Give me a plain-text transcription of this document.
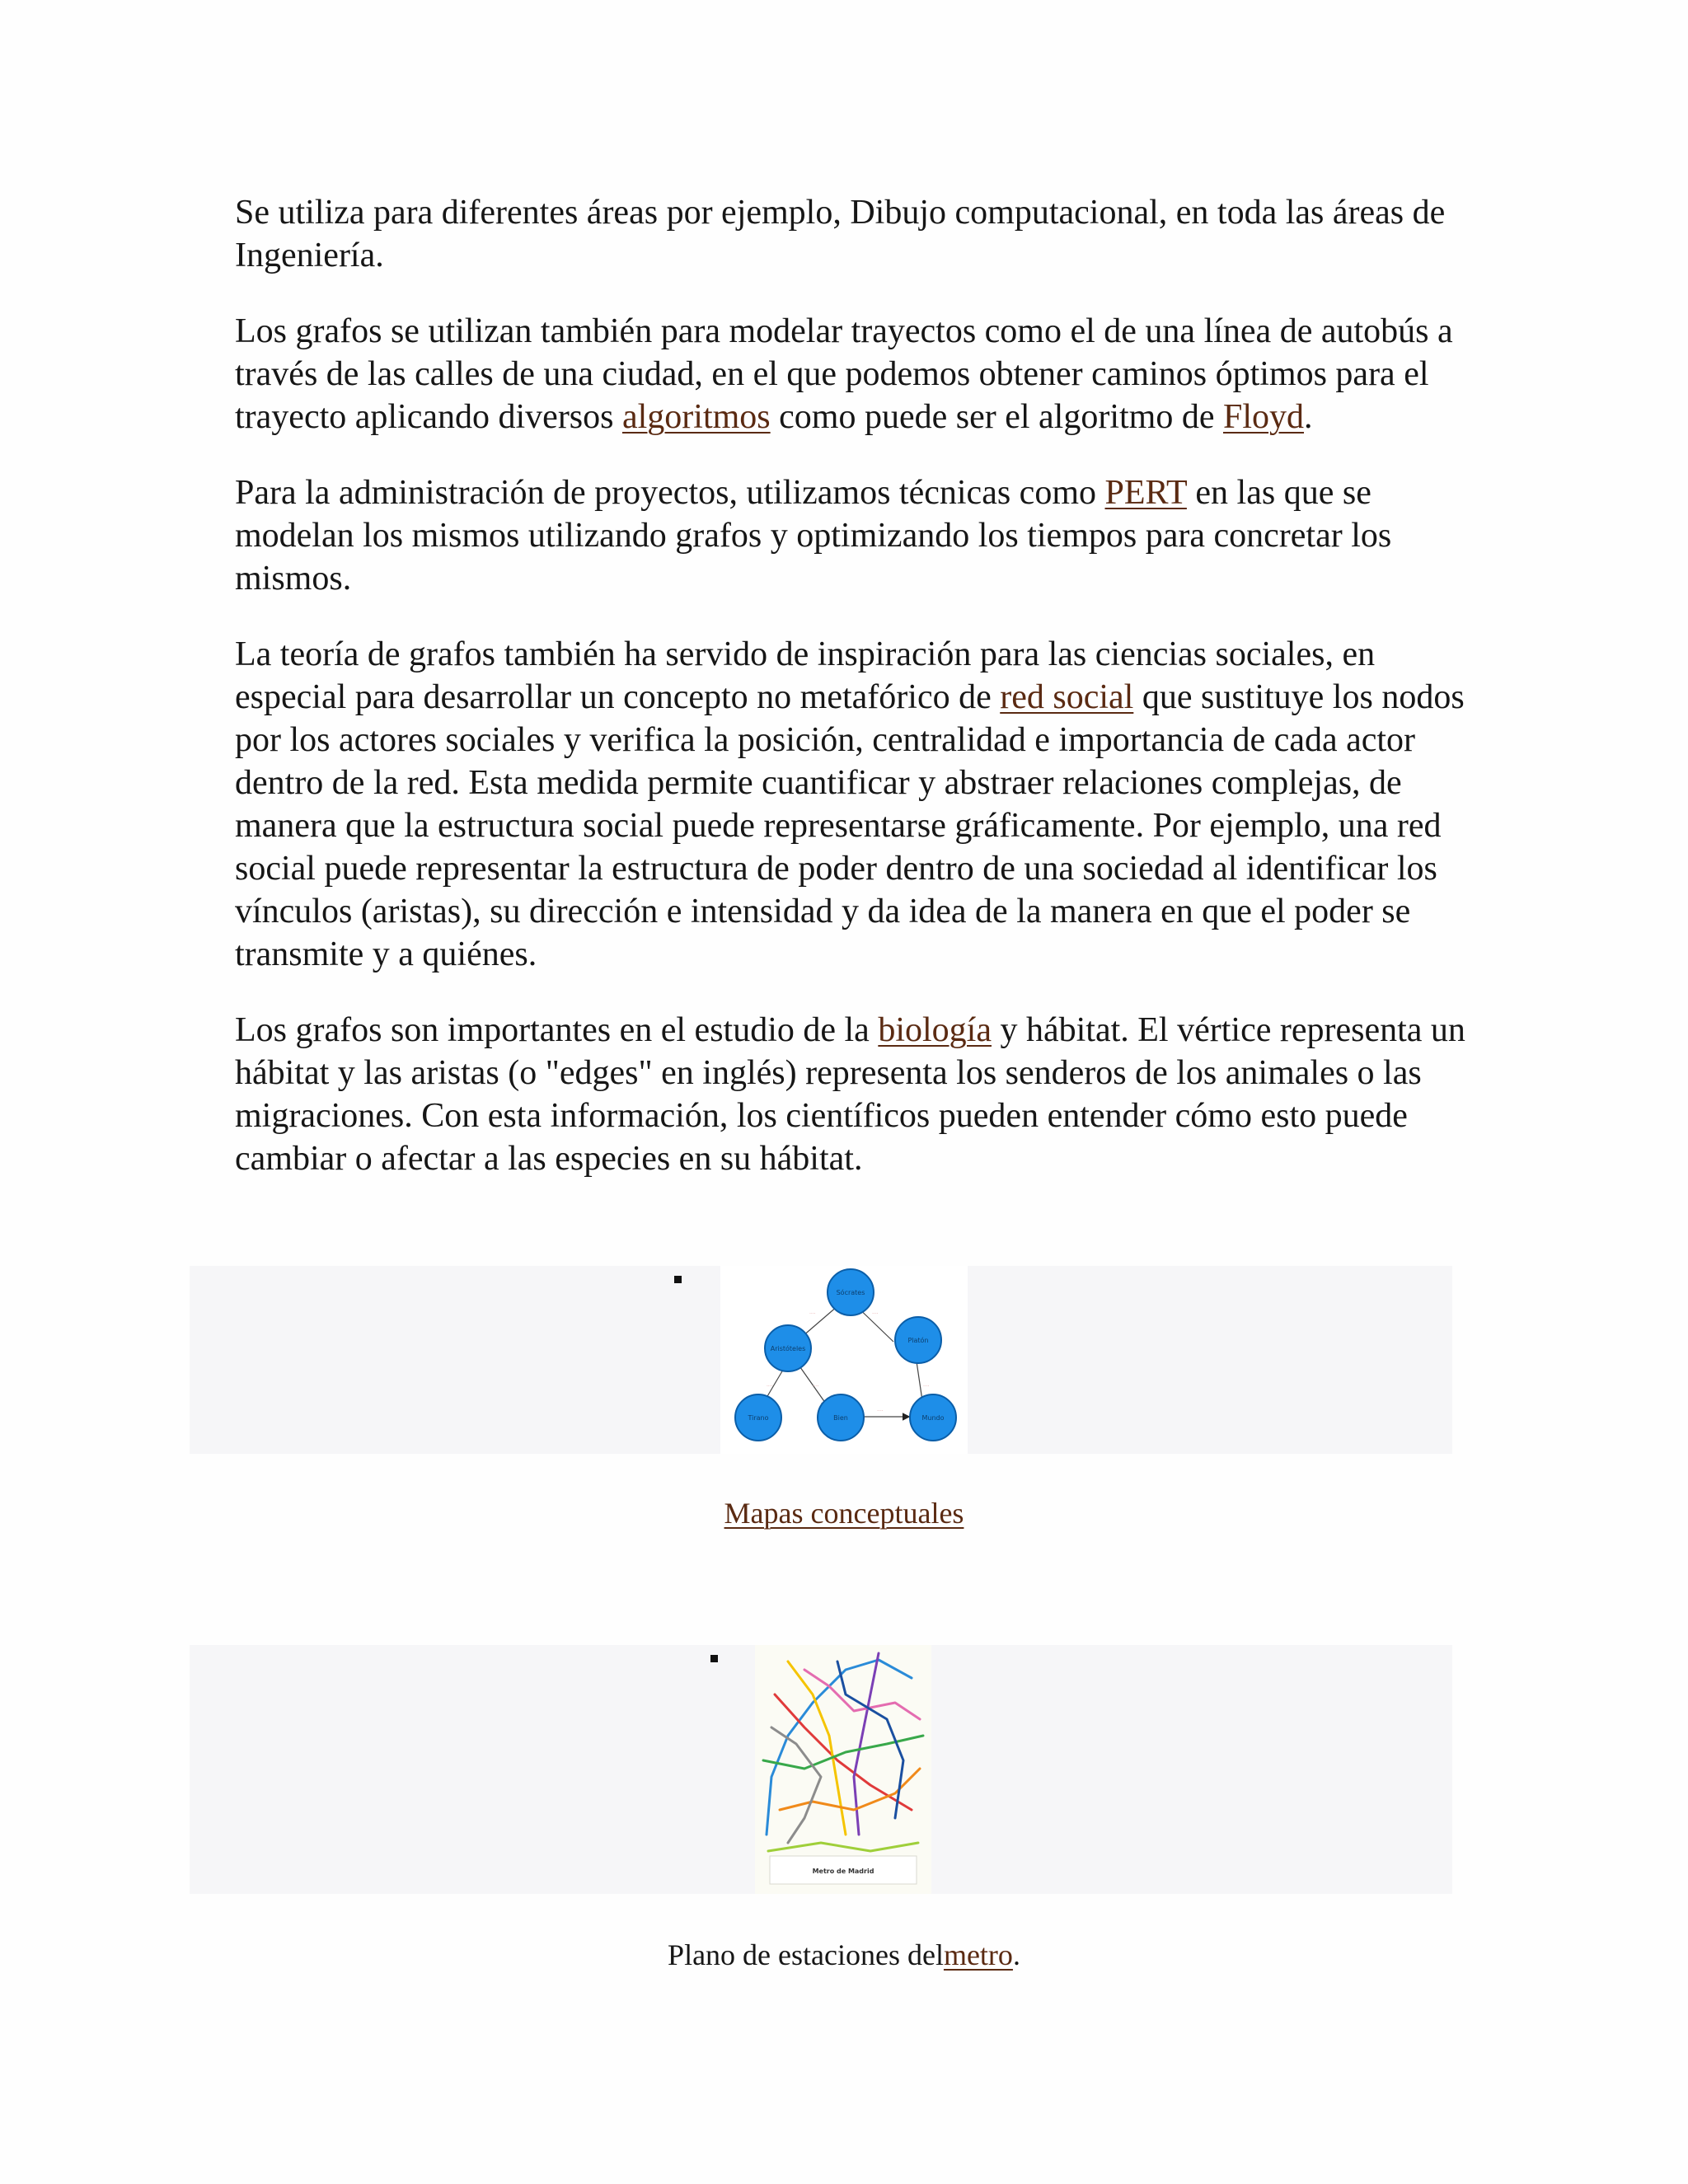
Se utiliza para diferentes áreas por ejemplo, Dibujo computacional, en toda las áreas de Ingeniería.

Los grafos se utilizan también para modelar trayectos como el de una línea de autobús a través de las calles de una ciudad, en el que podemos obtener caminos óptimos para el trayecto aplicando diversos algoritmos como puede ser el algoritmo de Floyd.

Para la administración de proyectos, utilizamos técnicas como PERT en las que se modelan los mismos utilizando grafos y optimizando los tiempos para concretar los mismos.

La teoría de grafos también ha servido de inspiración para las ciencias sociales, en especial para desarrollar un concepto no metafórico de red social que sustituye los nodos por los actores sociales y verifica la posición, centralidad e importancia de cada actor dentro de la red. Esta medida permite cuantificar y abstraer relaciones complejas, de manera que la estructura social puede representarse gráficamente. Por ejemplo, una red social puede representar la estructura de poder dentro de una sociedad al identificar los vínculos (aristas), su dirección e intensidad y da idea de la manera en que el poder se transmite y a quiénes.

Los grafos son importantes en el estudio de la biología y hábitat. El vértice representa un hábitat y las aristas (o "edges" en inglés) representa los senderos de los animales o las migraciones. Con esta información, los científicos pueden entender cómo esto puede cambiar o afectar a las especies en su hábitat.

····	····
····	····	····
····
Sócrates
Platón
Aristóteles
Tirano	Bien	Mundo
Mapas conceptuales
Metro de Madrid
Plano de estaciones delmetro.
